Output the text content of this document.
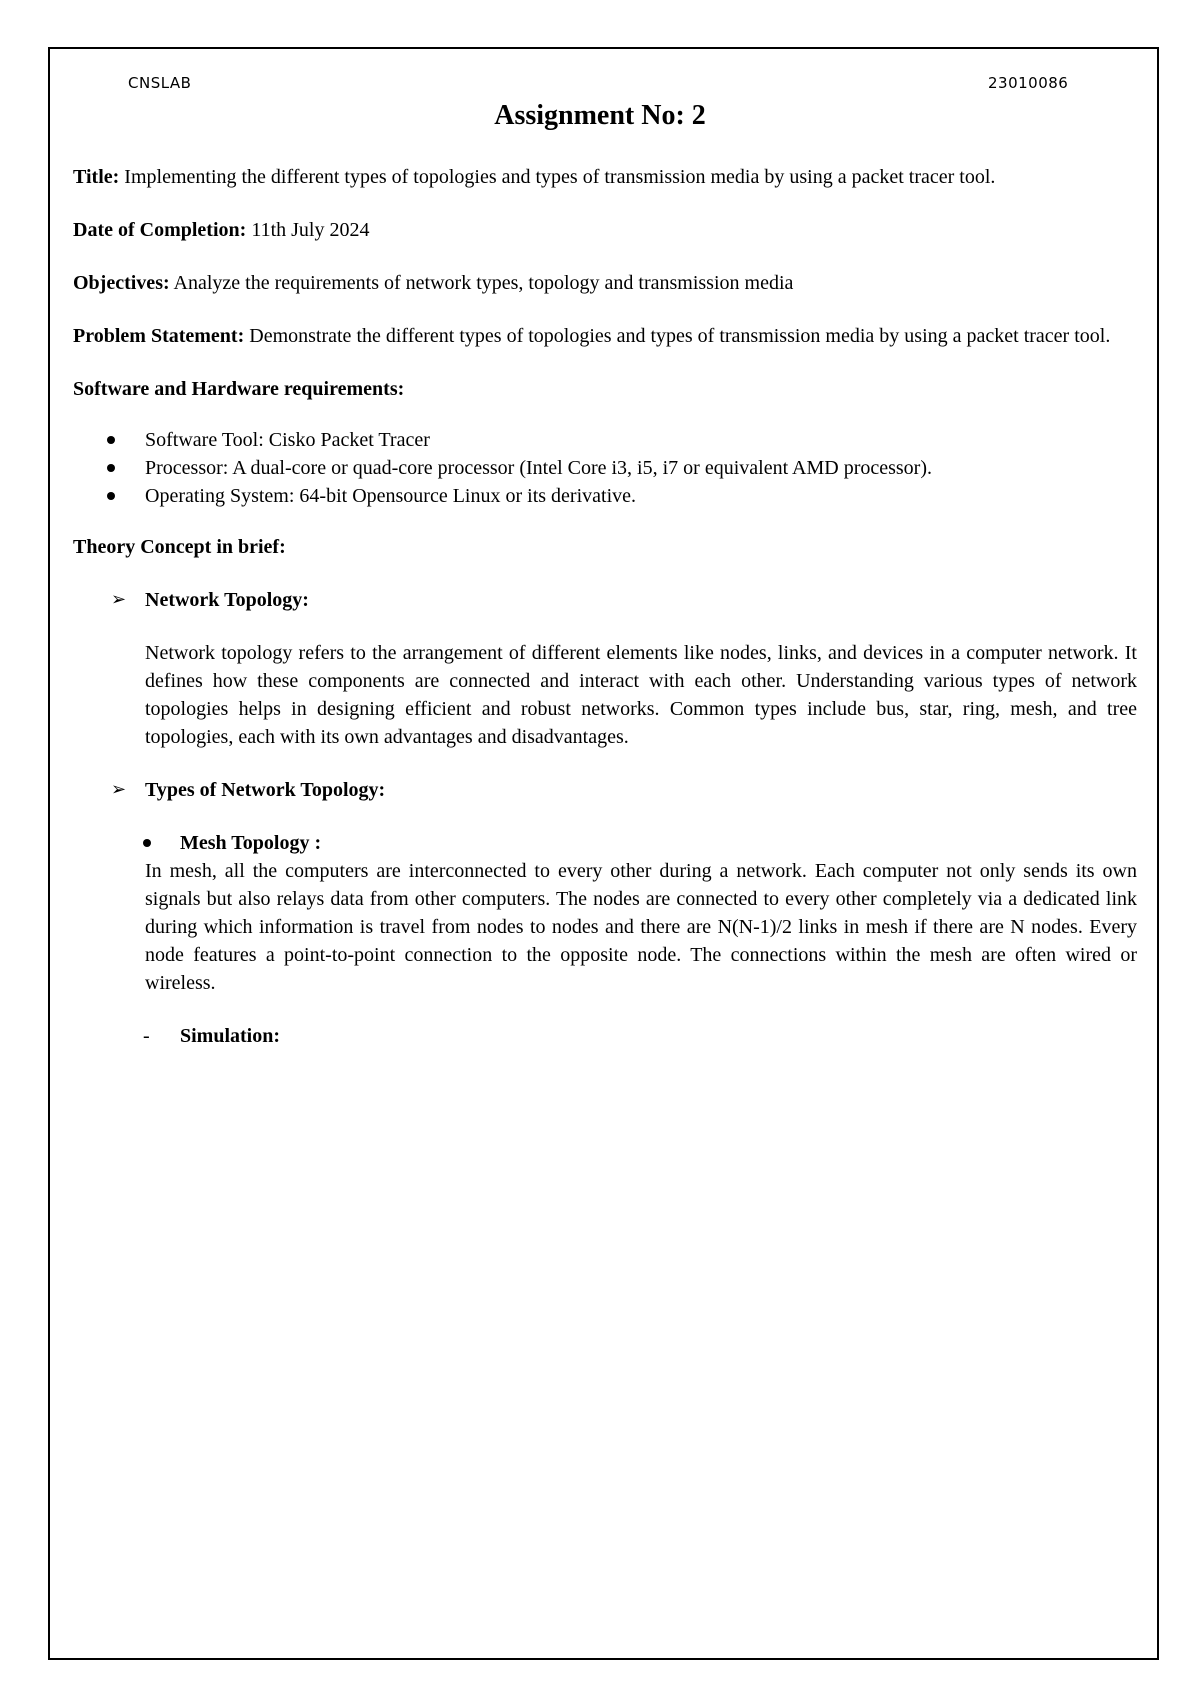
CNSLAB	23010086
Assignment No: 2

Title: Implementing the different types of topologies and types of transmission media by using a packet tracer tool.

Date of Completion: 11th July 2024

Objectives: Analyze the requirements of network types, topology and transmission media

Problem Statement: Demonstrate the different types of topologies and types of transmission media by using a packet tracer tool.

Software and Hardware requirements:

Software Tool: Cisko Packet Tracer
Processor: A dual-core or quad-core processor (Intel Core i3, i5, i7 or equivalent AMD processor).
Operating System: 64-bit Opensource Linux or its derivative.

Theory Concept in brief:

➢ Network Topology:

Network topology refers to the arrangement of different elements like nodes, links, and devices in a computer network. It defines how these components are connected and interact with each other. Understanding various types of network topologies helps in designing efficient and robust networks. Common types include bus, star, ring, mesh, and tree topologies, each with its own advantages and disadvantages.

➢ Types of Network Topology:
Mesh Topology :

In mesh, all the computers are interconnected to every other during a network. Each computer not only sends its own signals but also relays data from other computers. The nodes are connected to every other completely via a dedicated link during which information is travel from nodes to nodes and there are N(N-1)/2 links in mesh if there are N nodes. Every node features a point-to-point connection to the opposite node. The connections within the mesh are often wired or wireless.

- Simulation:
